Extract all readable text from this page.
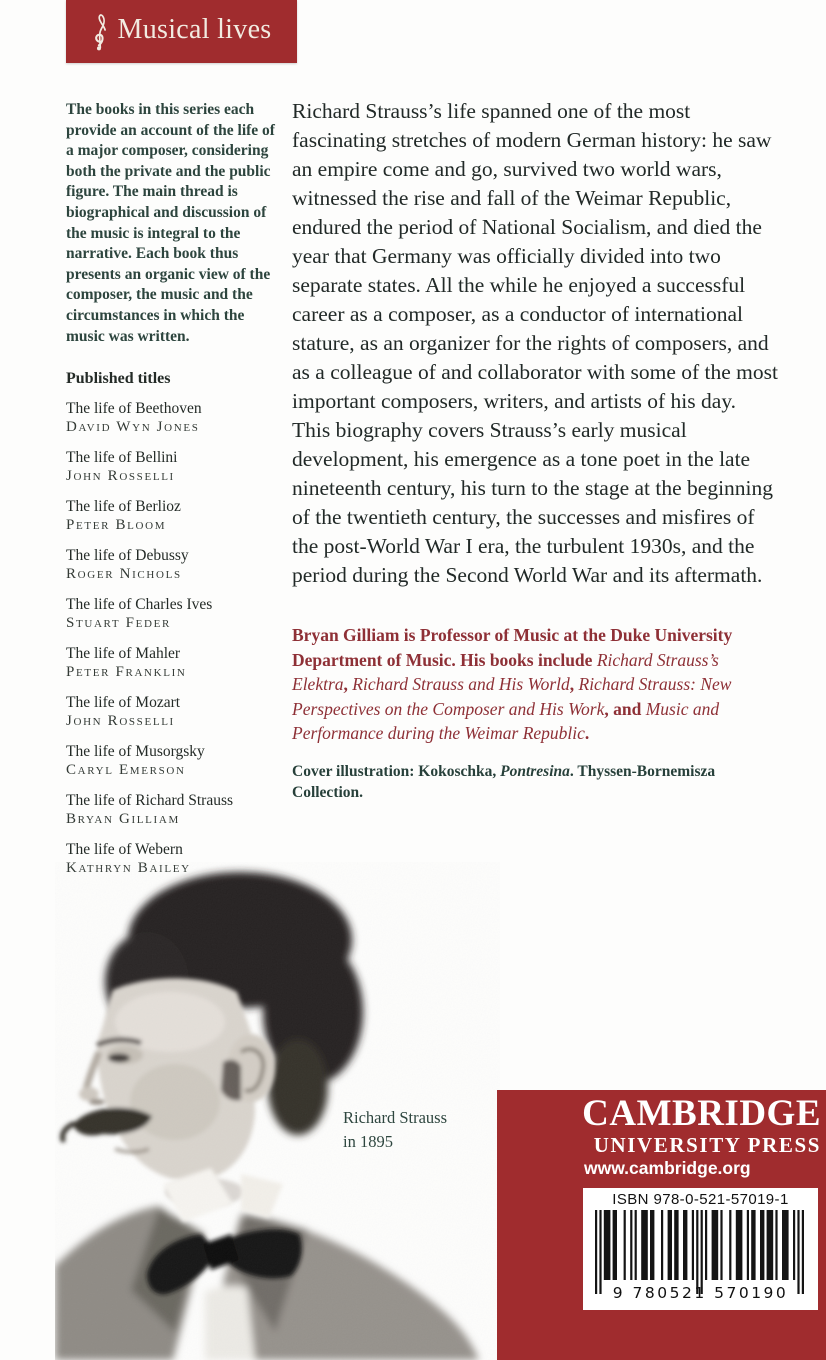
Musical lives
The books in this series each provide an account of the life of a major composer, considering both the private and the public figure. The main thread is biographical and discussion of the music is integral to the narrative. Each book thus presents an organic view of the composer, the music and the circumstances in which the music was written.
Published titles
The life of Beethoven
David Wyn Jones
The life of Bellini
John Rosselli
The life of Berlioz
Peter Bloom
The life of Debussy
Roger Nichols
The life of Charles Ives
Stuart Feder
The life of Mahler
Peter Franklin
The life of Mozart
John Rosselli
The life of Musorgsky
Caryl Emerson
The life of Richard Strauss
Bryan Gilliam
The life of Webern
Kathryn Bailey
Richard Strauss’s life spanned one of the most fascinating stretches of modern German history: he saw an empire come and go, survived two world wars, witnessed the rise and fall of the Weimar Republic, endured the period of National Socialism, and died the year that Germany was officially divided into two separate states. All the while he enjoyed a successful career as a composer, as a conductor of international stature, as an organizer for the rights of composers, and as a colleague of and collaborator with some of the most important composers, writers, and artists of his day. This biography covers Strauss’s early musical development, his emergence as a tone poet in the late nineteenth century, his turn to the stage at the beginning of the twentieth century, the successes and misfires of the post-World War I era, the turbulent 1930s, and the period during the Second World War and its aftermath.
Bryan Gilliam is Professor of Music at the Duke University Department of Music. His books include Richard Strauss’s Elektra, Richard Strauss and His World, Richard Strauss: New Perspectives on the Composer and His Work, and Music and Performance during the Weimar Republic.
Cover illustration: Kokoschka, Pontresina. Thyssen-Bornemisza Collection.
Richard Strauss
in 1895
CAMBRIDGE
UNIVERSITY PRESS
www.cambridge.org
ISBN 978-0-521-57019-1
9 780521 570190
